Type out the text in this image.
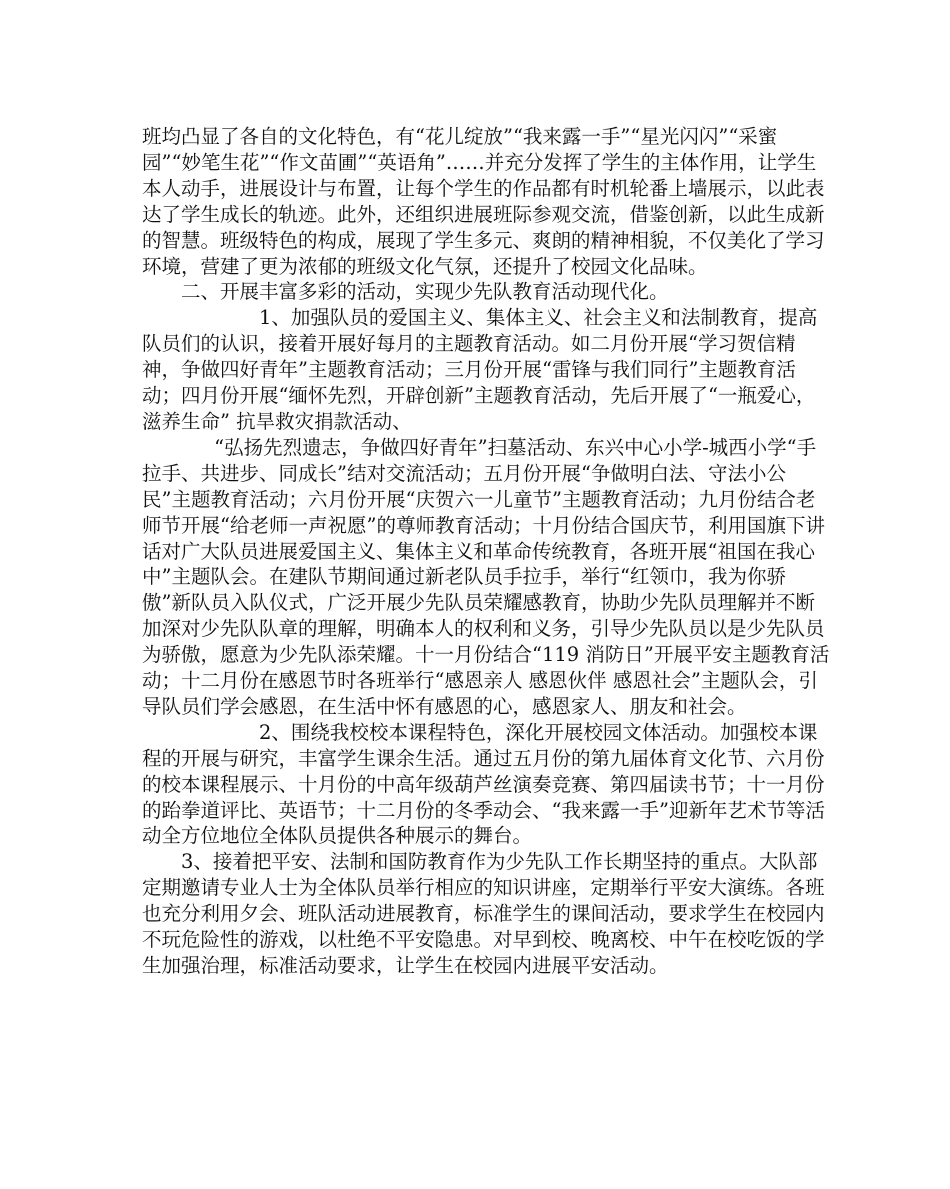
班均凸显了各自的文化特色，有“花儿绽放”“我来露一手”“星光闪闪”“采蜜园”“妙笔生花”“作文苗圃”“英语角”……并充分发挥了学生的主体作用，让学生本人动手，进展设计与布置，让每个学生的作品都有时机轮番上墙展示，以此表达了学生成长的轨迹。此外，还组织进展班际参观交流，借鉴创新，以此生成新的智慧。班级特色的构成，展现了学生多元、爽朗的精神相貌，不仅美化了学习环境，营建了更为浓郁的班级文化气氛，还提升了校园文化品味。

二、开展丰富多彩的活动，实现少先队教育活动现代化。

1、加强队员的爱国主义、集体主义、社会主义和法制教育，提高队员们的认识，接着开展好每月的主题教育活动。如二月份开展“学习贺信精神，争做四好青年”主题教育活动；三月份开展“雷锋与我们同行”主题教育活动；四月份开展“缅怀先烈，开辟创新”主题教育活动，先后开展了“一瓶爱心，滋养生命” 抗旱救灾捐款活动、

“弘扬先烈遗志，争做四好青年”扫墓活动、东兴中心小学-城西小学“手拉手、共进步、同成长”结对交流活动；五月份开展“争做明白法、守法小公民”主题教育活动；六月份开展“庆贺六一儿童节”主题教育活动；九月份结合老师节开展“给老师一声祝愿”的尊师教育活动；十月份结合国庆节，利用国旗下讲话对广大队员进展爱国主义、集体主义和革命传统教育，各班开展“祖国在我心中”主题队会。在建队节期间通过新老队员手拉手，举行“红领巾，我为你骄傲”新队员入队仪式，广泛开展少先队员荣耀感教育，协助少先队员理解并不断加深对少先队队章的理解，明确本人的权利和义务，引导少先队员以是少先队员为骄傲，愿意为少先队添荣耀。十一月份结合“119 消防日”开展平安主题教育活动；十二月份在感恩节时各班举行“感恩亲人 感恩伙伴 感恩社会”主题队会，引导队员们学会感恩，在生活中怀有感恩的心，感恩家人、朋友和社会。

2、围绕我校校本课程特色，深化开展校园文体活动。加强校本课程的开展与研究，丰富学生课余生活。通过五月份的第九届体育文化节、六月份的校本课程展示、十月份的中高年级葫芦丝演奏竞赛、第四届读书节；十一月份的跆拳道评比、英语节；十二月份的冬季动会、“我来露一手”迎新年艺术节等活动全方位地位全体队员提供各种展示的舞台。

3、接着把平安、法制和国防教育作为少先队工作长期坚持的重点。大队部定期邀请专业人士为全体队员举行相应的知识讲座，定期举行平安大演练。各班也充分利用夕会、班队活动进展教育，标准学生的课间活动，要求学生在校园内不玩危险性的游戏，以杜绝不平安隐患。对早到校、晚离校、中午在校吃饭的学生加强治理，标准活动要求，让学生在校园内进展平安活动。
